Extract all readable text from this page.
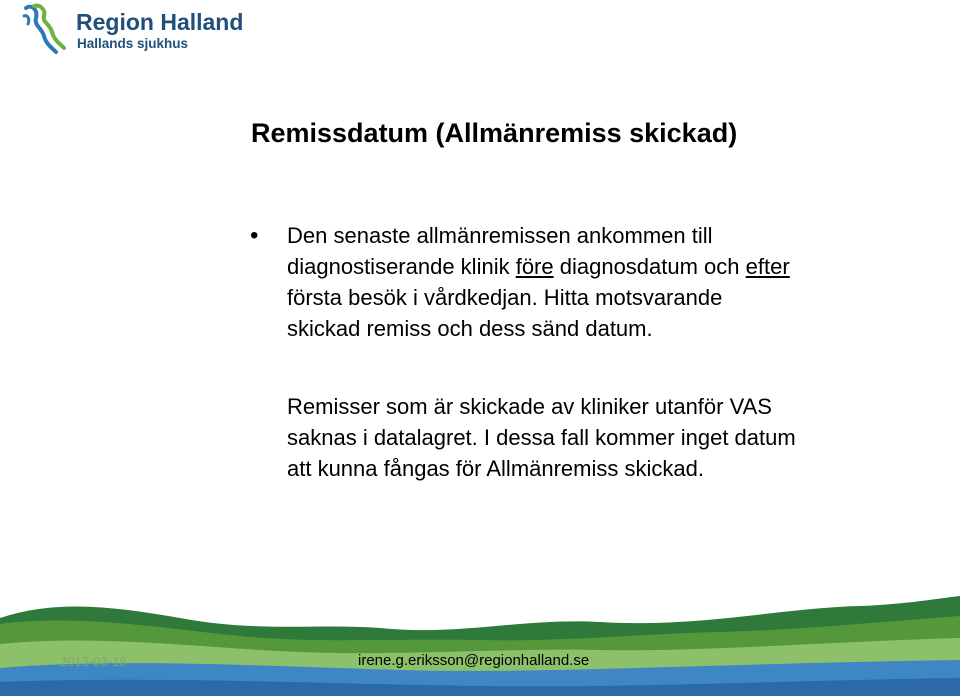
Region Halland
Hallands sjukhus
Remissdatum (Allmänremiss skickad)
• Den senaste allmänremissen ankommen till
diagnostiserande klinik före diagnosdatum och efter
första besök i vårdkedjan. Hitta motsvarande
skickad remiss och dess sänd datum.
Remisser som är skickade av kliniker utanför VAS
saknas i datalagret. I dessa fall kommer inget datum
att kunna fångas för Allmänremiss skickad.
2013-03-18	irene.g.eriksson@regionhalland.se
